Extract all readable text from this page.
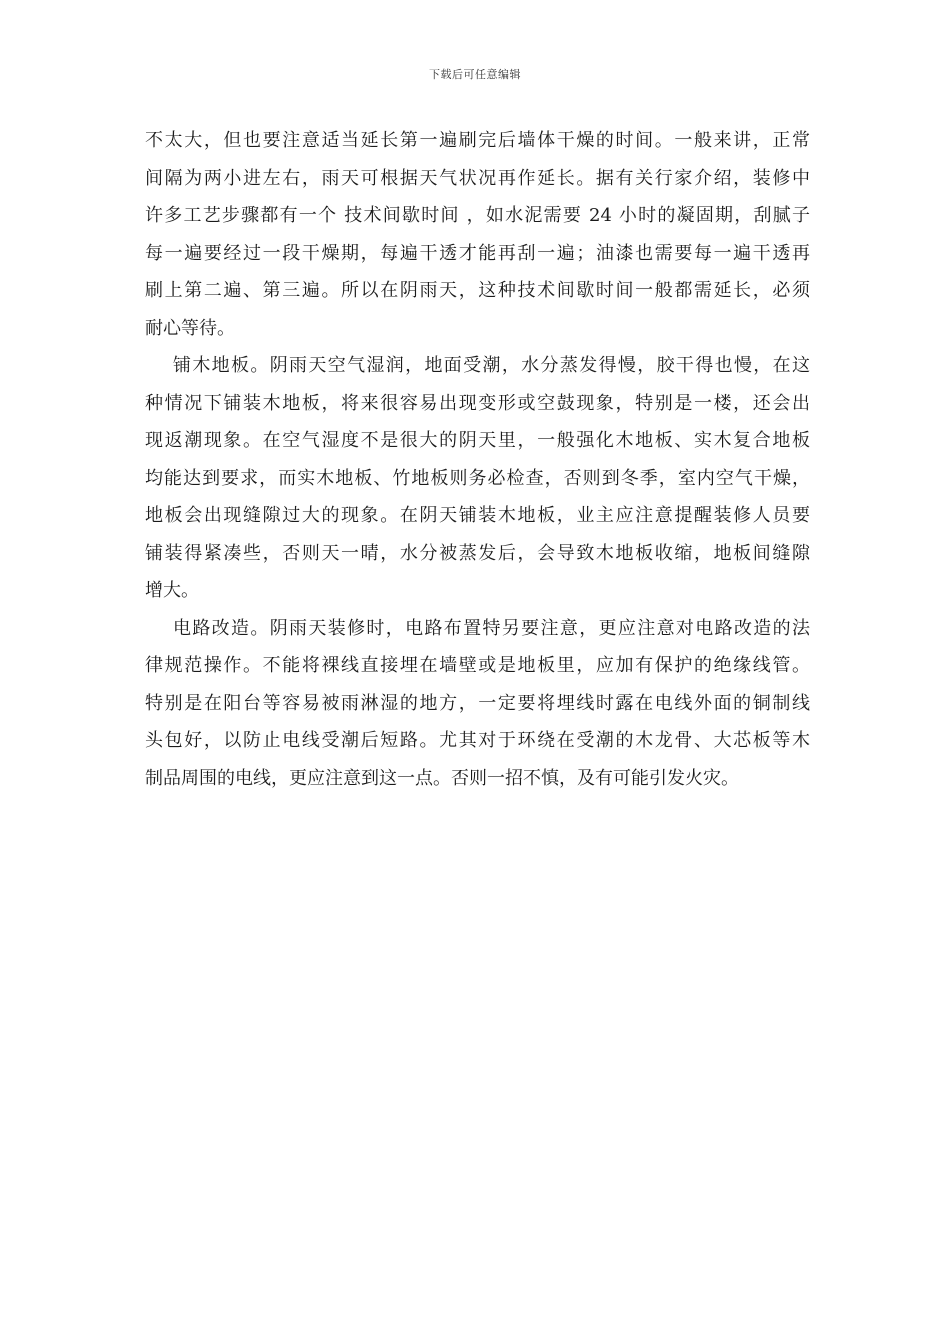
下载后可任意编辑
不太大，但也要注意适当延长第一遍刷完后墙体干燥的时间。一般来讲，正常
间隔为两小进左右，雨天可根据天气状况再作延长。据有关行家介绍，装修中
许多工艺步骤都有一个 技术间歇时间 ，如水泥需要 24 小时的凝固期，刮腻子
每一遍要经过一段干燥期，每遍干透才能再刮一遍；油漆也需要每一遍干透再
刷上第二遍、第三遍。所以在阴雨天，这种技术间歇时间一般都需延长，必须
耐心等待。
铺木地板。阴雨天空气湿润，地面受潮，水分蒸发得慢，胶干得也慢，在这
种情况下铺装木地板，将来很容易出现变形或空鼓现象，特别是一楼，还会出
现返潮现象。在空气湿度不是很大的阴天里，一般强化木地板、实木复合地板
均能达到要求，而实木地板、竹地板则务必检查，否则到冬季，室内空气干燥，
地板会出现缝隙过大的现象。在阴天铺装木地板，业主应注意提醒装修人员要
铺装得紧凑些，否则天一晴，水分被蒸发后，会导致木地板收缩，地板间缝隙
增大。
电路改造。阴雨天装修时，电路布置特另要注意，更应注意对电路改造的法
律规范操作。不能将裸线直接埋在墙壁或是地板里，应加有保护的绝缘线管。
特别是在阳台等容易被雨淋湿的地方，一定要将埋线时露在电线外面的铜制线
头包好，以防止电线受潮后短路。尤其对于环绕在受潮的木龙骨、大芯板等木
制品周围的电线，更应注意到这一点。否则一招不慎，及有可能引发火灾。
